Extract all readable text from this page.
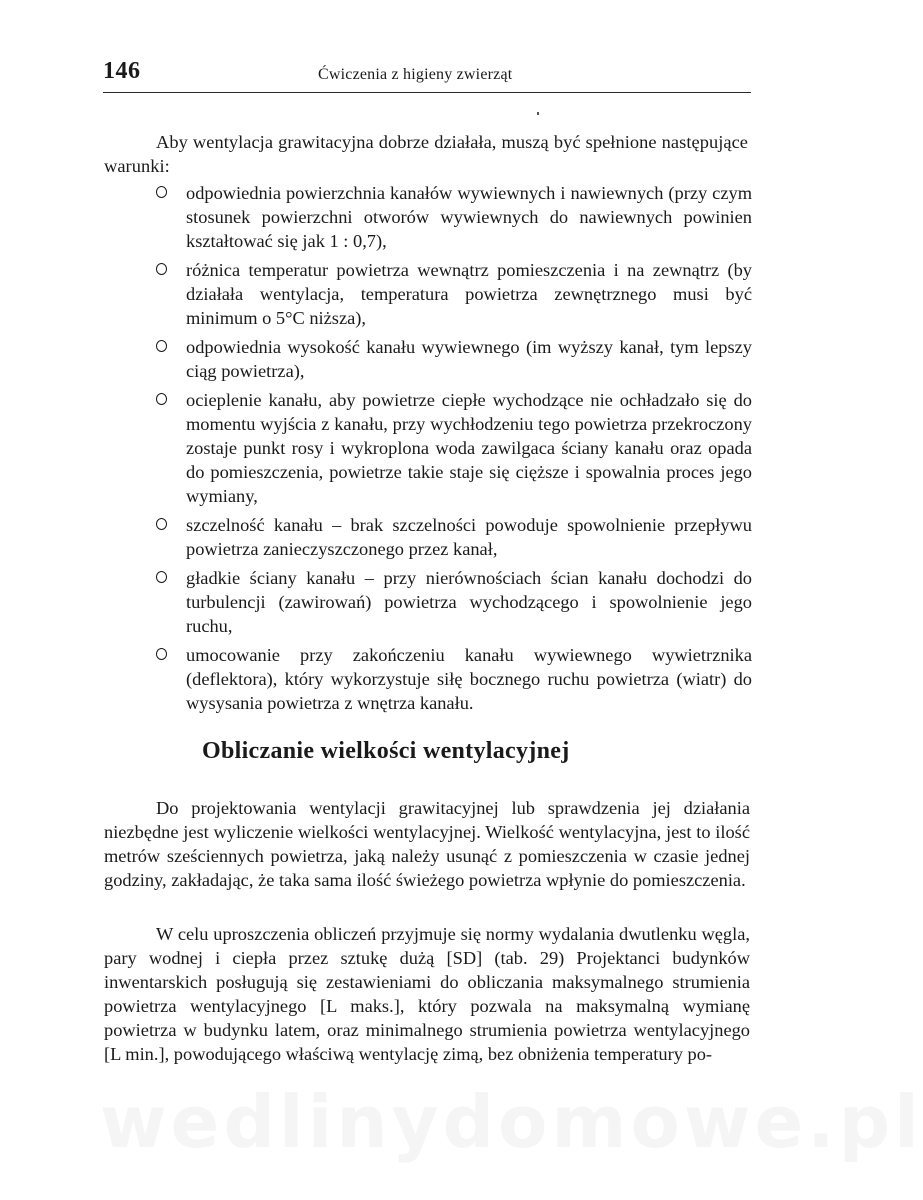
146	Ćwiczenia z higieny zwierząt

Aby wentylacja grawitacyjna dobrze działała, muszą być spełnione następujące warunki:

odpowiednia powierzchnia kanałów wywiewnych i nawiewnych (przy czym stosunek powierzchni otworów wywiewnych do nawiewnych powinien kształtować się jak 1 : 0,7),
różnica temperatur powietrza wewnątrz pomieszczenia i na zewnątrz (by działała wentylacja, temperatura powietrza zewnętrznego musi być minimum o 5°C niższa),
odpowiednia wysokość kanału wywiewnego (im wyższy kanał, tym lepszy ciąg powietrza),
ocieplenie kanału, aby powietrze ciepłe wychodzące nie ochładzało się do momentu wyjścia z kanału, przy wychłodzeniu tego powietrza przekroczony zostaje punkt rosy i wykroplona woda zawilgaca ściany kanału oraz opada do pomieszczenia, powietrze takie staje się cięższe i spowalnia proces jego wymiany,
szczelność kanału – brak szczelności powoduje spowolnienie przepływu powietrza zanieczyszczonego przez kanał,
gładkie ściany kanału – przy nierównościach ścian kanału dochodzi do turbulencji (zawirowań) powietrza wychodzącego i spowolnienie jego ruchu,
umocowanie przy zakończeniu kanału wywiewnego wywietrznika (deflektora), który wykorzystuje siłę bocznego ruchu powietrza (wiatr) do wysysania powietrza z wnętrza kanału.
Obliczanie wielkości wentylacyjnej

Do projektowania wentylacji grawitacyjnej lub sprawdzenia jej działania niezbędne jest wyliczenie wielkości wentylacyjnej. Wielkość wentylacyjna, jest to ilość metrów sześciennych powietrza, jaką należy usunąć z pomieszczenia w czasie jednej godziny, zakładając, że taka sama ilość świeżego powietrza wpłynie do pomieszczenia.

W celu uproszczenia obliczeń przyjmuje się normy wydalania dwutlenku węgla, pary wodnej i ciepła przez sztukę dużą [SD] (tab. 29) Projektanci budynków inwentarskich posługują się zestawieniami do obliczania maksymalnego strumienia powietrza wentylacyjnego [L maks.], który pozwala na maksymalną wymianę powietrza w budynku latem, oraz minimalnego strumienia powietrza wentylacyjnego [L min.], powodującego właściwą wentylację zimą, bez obniżenia temperatury po-

wedlinydomowe.pl
